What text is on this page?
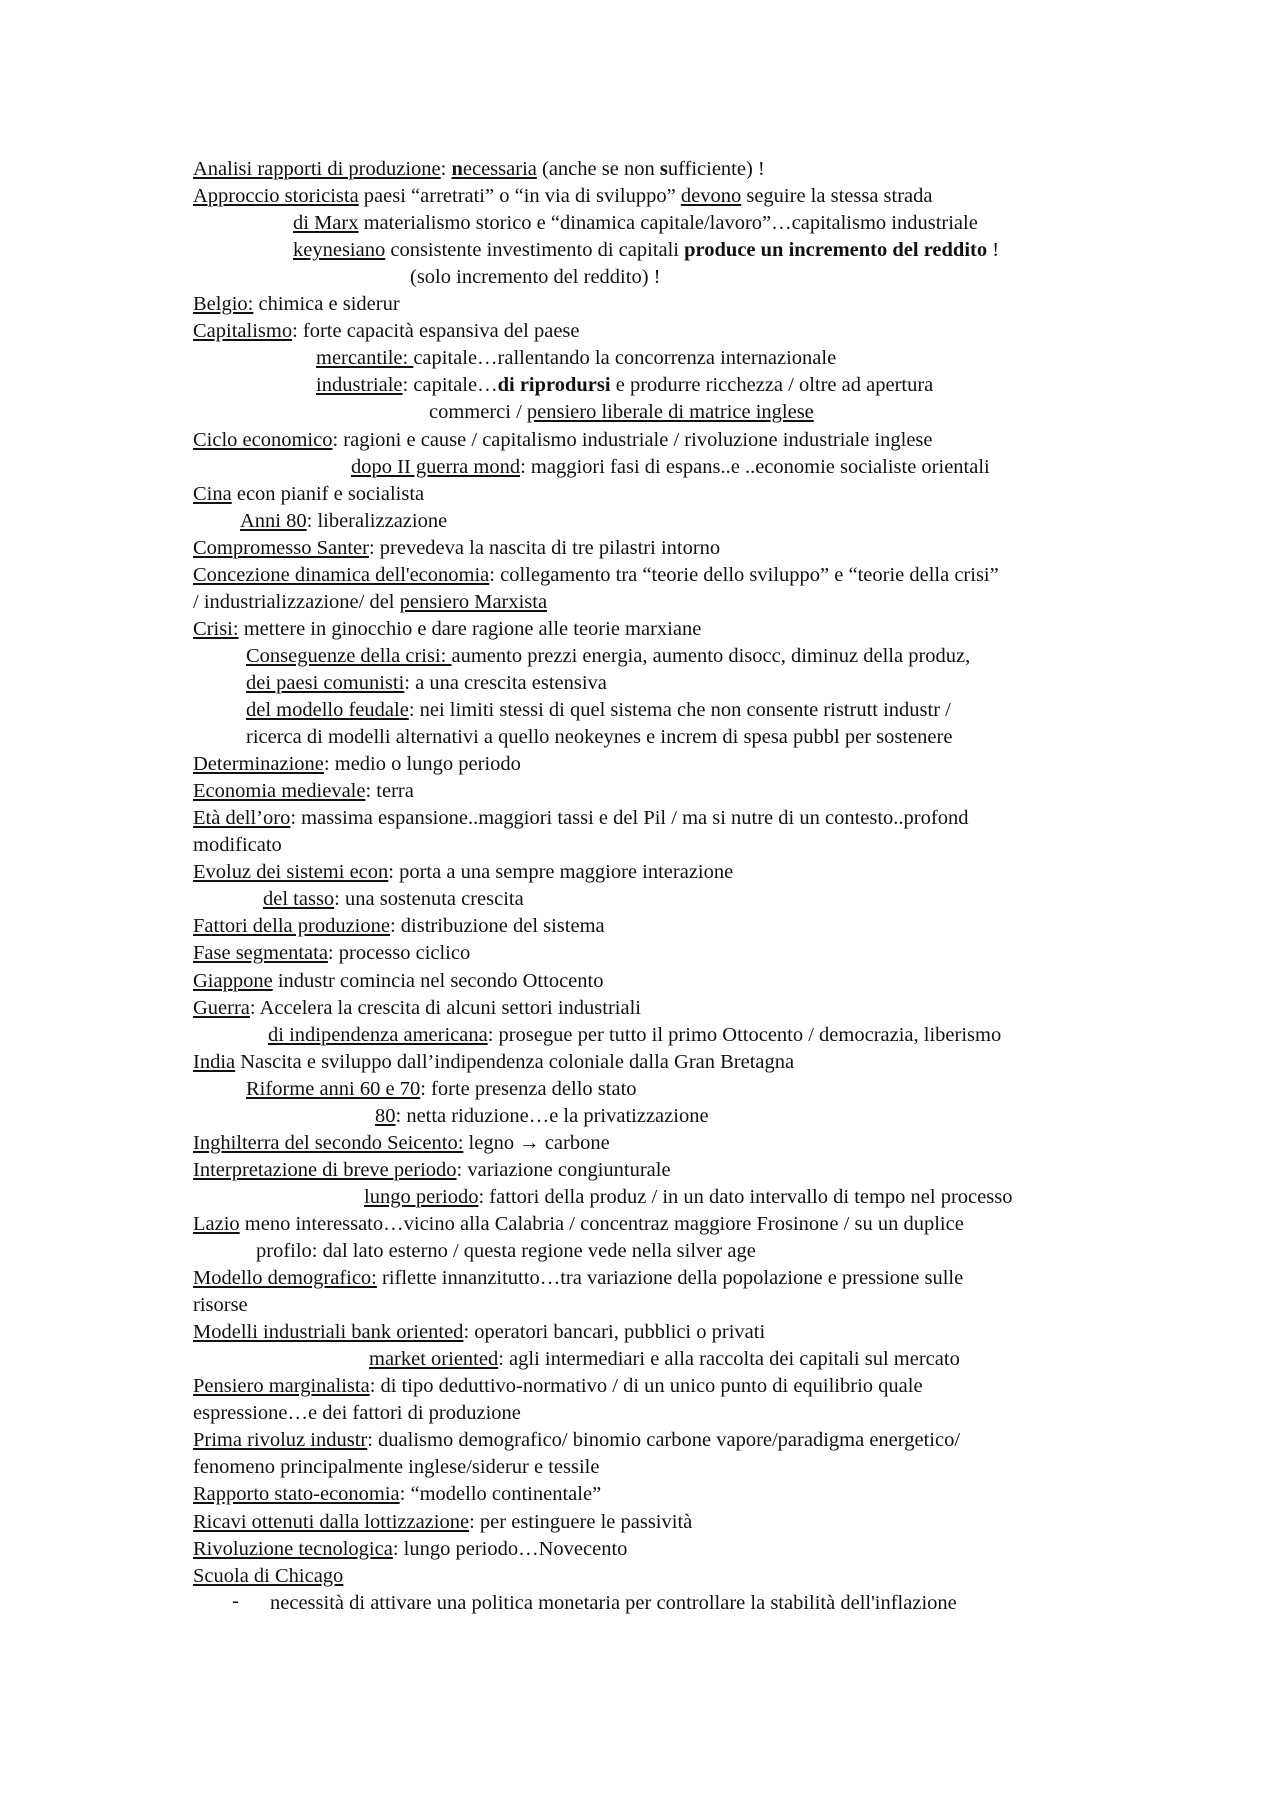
Analisi rapporti di produzione: necessaria (anche se non sufficiente) !
Approccio storicista paesi “arretrati” o “in via di sviluppo” devono seguire la stessa strada
di Marx materialismo storico e “dinamica capitale/lavoro”…capitalismo industriale
keynesiano consistente investimento di capitali produce un incremento del reddito !
(solo incremento del reddito) !
Belgio: chimica e siderur
Capitalismo: forte capacità espansiva del paese
mercantile: capitale…rallentando la concorrenza internazionale
industriale: capitale…di riprodursi e produrre ricchezza / oltre ad apertura
commerci / pensiero liberale di matrice inglese
Ciclo economico: ragioni e cause / capitalismo industriale / rivoluzione industriale inglese
dopo II guerra mond: maggiori fasi di espans..e ..economie socialiste orientali
Cina econ pianif e socialista
Anni 80: liberalizzazione
Compromesso Santer: prevedeva la nascita di tre pilastri intorno
Concezione dinamica dell'economia: collegamento tra “teorie dello sviluppo” e “teorie della crisi”
/ industrializzazione/ del pensiero Marxista
Crisi: mettere in ginocchio e dare ragione alle teorie marxiane
Conseguenze della crisi: aumento prezzi energia, aumento disocc, diminuz della produz,
dei paesi comunisti: a una crescita estensiva
del modello feudale: nei limiti stessi di quel sistema che non consente ristrutt industr /
ricerca di modelli alternativi a quello neokeynes e increm di spesa pubbl per sostenere
Determinazione: medio o lungo periodo
Economia medievale: terra
Età dell’oro: massima espansione..maggiori tassi e del Pil / ma si nutre di un contesto..profond
modificato
Evoluz dei sistemi econ: porta a una sempre maggiore interazione
del tasso: una sostenuta crescita
Fattori della produzione: distribuzione del sistema
Fase segmentata: processo ciclico
Giappone industr comincia nel secondo Ottocento
Guerra: Accelera la crescita di alcuni settori industriali
di indipendenza americana: prosegue per tutto il primo Ottocento / democrazia, liberismo
India Nascita e sviluppo dall’indipendenza coloniale dalla Gran Bretagna
Riforme anni 60 e 70: forte presenza dello stato
80: netta riduzione…e la privatizzazione
Inghilterra del secondo Seicento: legno → carbone
Interpretazione di breve periodo: variazione congiunturale
lungo periodo: fattori della produz / in un dato intervallo di tempo nel processo
Lazio meno interessato…vicino alla Calabria / concentraz maggiore Frosinone / su un duplice
profilo: dal lato esterno / questa regione vede nella silver age
Modello demografico: riflette innanzitutto…tra variazione della popolazione e pressione sulle
risorse
Modelli industriali bank oriented: operatori bancari, pubblici o privati
market oriented: agli intermediari e alla raccolta dei capitali sul mercato
Pensiero marginalista: di tipo deduttivo-normativo / di un unico punto di equilibrio quale
espressione…e dei fattori di produzione
Prima rivoluz industr: dualismo demografico/ binomio carbone vapore/paradigma energetico/
fenomeno principalmente inglese/siderur e tessile
Rapporto stato-economia: “modello continentale”
Ricavi ottenuti dalla lottizzazione: per estinguere le passività
Rivoluzione tecnologica: lungo periodo…Novecento
Scuola di Chicago
- necessità di attivare una politica monetaria per controllare la stabilità dell'inflazione
